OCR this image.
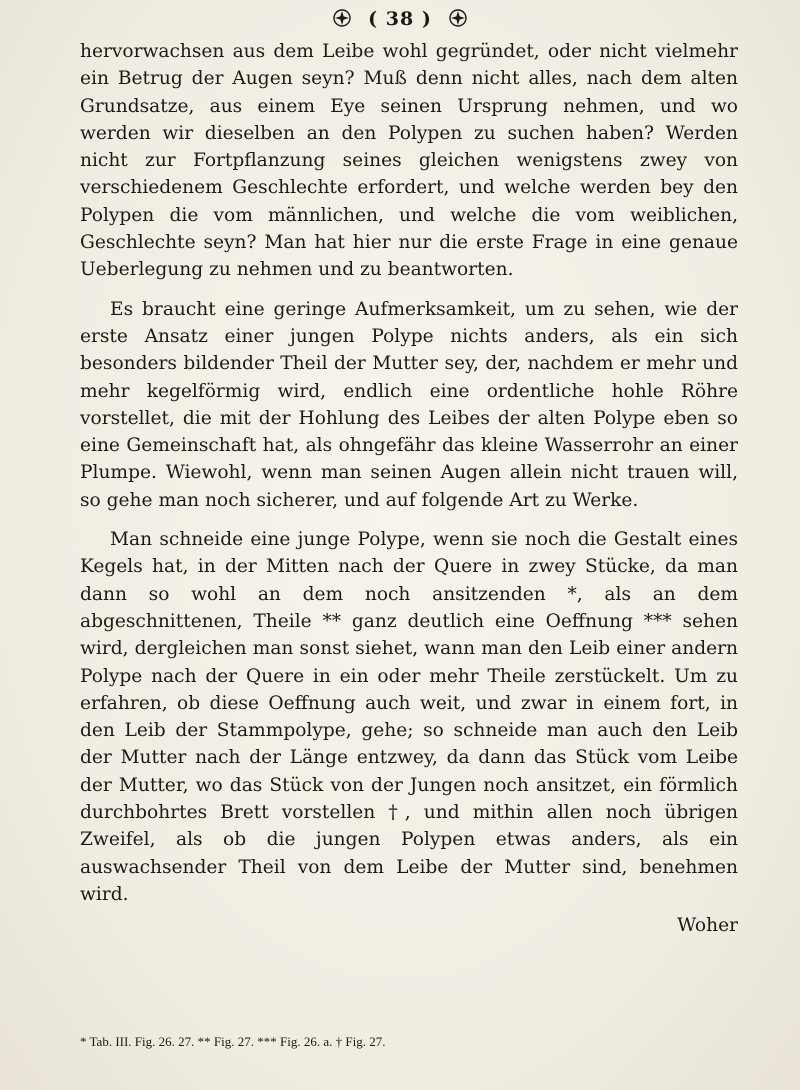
( 38 )

hervorwachsen aus dem Leibe wohl gegründet, oder nicht vielmehr ein Betrug der Augen seyn? Muß denn nicht alles, nach dem alten Grundsatze, aus einem Eye seinen Ursprung nehmen, und wo werden wir dieselben an den Polypen zu suchen haben? Werden nicht zur Fortpflanzung seines gleichen wenigstens zwey von verschiedenem Geschlechte erfordert, und welche werden bey den Polypen die vom männlichen, und welche die vom weiblichen, Geschlechte seyn? Man hat hier nur die erste Frage in eine genaue Ueberlegung zu nehmen und zu beantworten.

Es braucht eine geringe Aufmerksamkeit, um zu sehen, wie der erste Ansatz einer jungen Polype nichts anders, als ein sich besonders bildender Theil der Mutter sey, der, nachdem er mehr und mehr kegelförmig wird, endlich eine ordentliche hohle Röhre vorstellet, die mit der Hohlung des Leibes der alten Polype eben so eine Gemeinschaft hat, als ohngefähr das kleine Wasserrohr an einer Plumpe. Wiewohl, wenn man seinen Augen allein nicht trauen will, so gehe man noch sicherer, und auf folgende Art zu Werke.

Man schneide eine junge Polype, wenn sie noch die Gestalt eines Kegels hat, in der Mitten nach der Quere in zwey Stücke, da man dann so wohl an dem noch ansitzenden *, als an dem abgeschnittenen, Theile ** ganz deutlich eine Oeffnung *** sehen wird, dergleichen man sonst siehet, wann man den Leib einer andern Polype nach der Quere in ein oder mehr Theile zerstückelt. Um zu erfahren, ob diese Oeffnung auch weit, und zwar in einem fort, in den Leib der Stammpolype, gehe; so schneide man auch den Leib der Mutter nach der Länge entzwey, da dann das Stück vom Leibe der Mutter, wo das Stück von der Jungen noch ansitzet, ein förmlich durchbohrtes Brett vorstellen †, und mithin allen noch übrigen Zweifel, als ob die jungen Polypen etwas anders, als ein auswachsender Theil von dem Leibe der Mutter sind, benehmen wird.

Woher

* Tab. III. Fig. 26. 27. ** Fig. 27. *** Fig. 26. a. † Fig. 27.
